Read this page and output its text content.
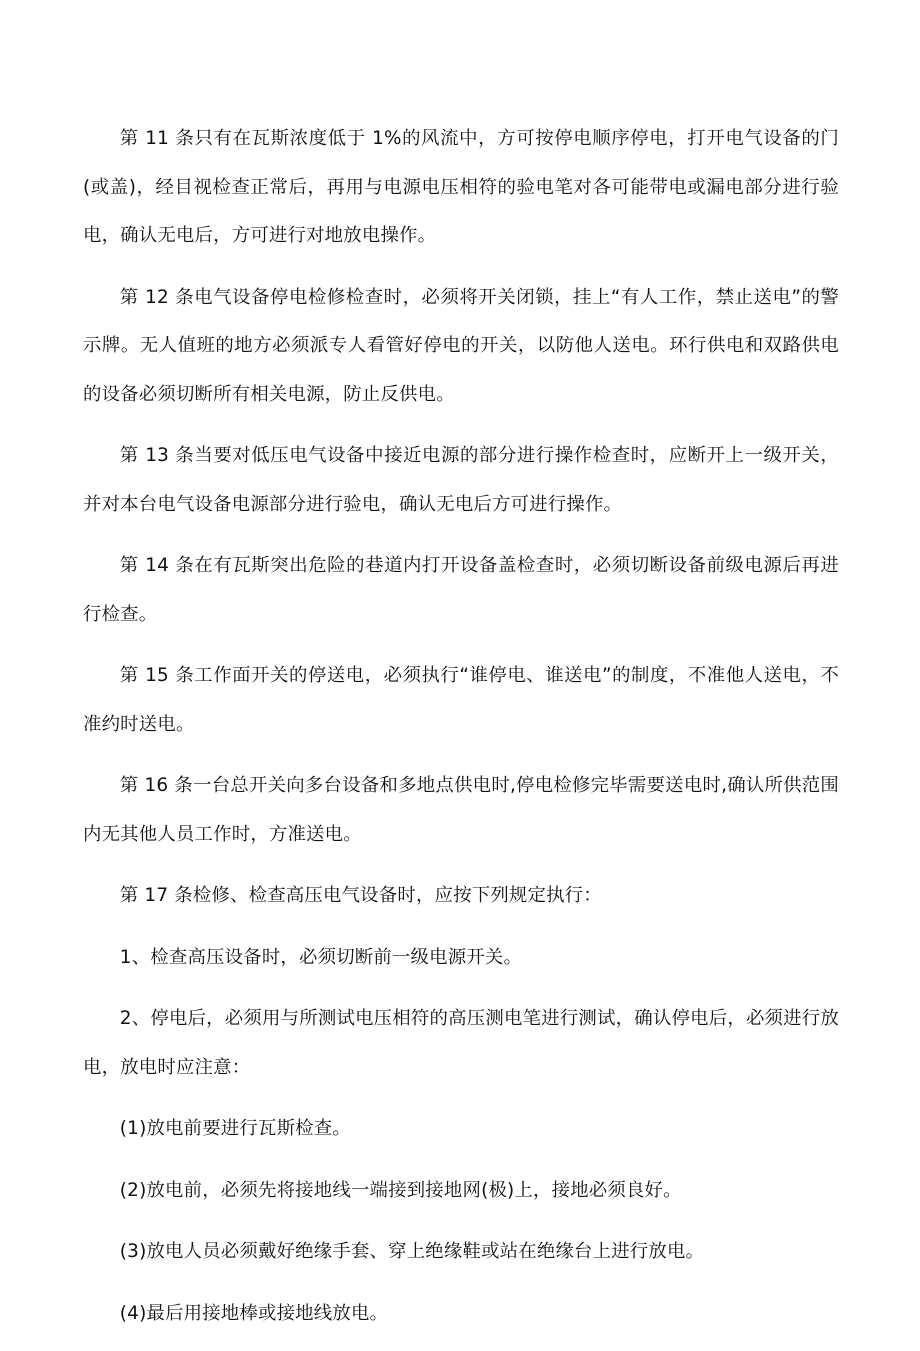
第 11 条只有在瓦斯浓度低于 1%的风流中，方可按停电顺序停电，打开电气设备的门(或盖)，经目视检查正常后，再用与电源电压相符的验电笔对各可能带电或漏电部分进行验电，确认无电后，方可进行对地放电操作。

第 12 条电气设备停电检修检查时，必须将开关闭锁，挂上“有人工作，禁止送电”的警示牌。无人值班的地方必须派专人看管好停电的开关，以防他人送电。环行供电和双路供电的设备必须切断所有相关电源，防止反供电。

第 13 条当要对低压电气设备中接近电源的部分进行操作检查时，应断开上一级开关，并对本台电气设备电源部分进行验电，确认无电后方可进行操作。

第 14 条在有瓦斯突出危险的巷道内打开设备盖检查时，必须切断设备前级电源后再进行检查。

第 15 条工作面开关的停送电，必须执行“谁停电、谁送电”的制度，不准他人送电，不准约时送电。

第 16 条一台总开关向多台设备和多地点供电时,停电检修完毕需要送电时,确认所供范围内无其他人员工作时，方准送电。

第 17 条检修、检查高压电气设备时，应按下列规定执行：

1、检查高压设备时，必须切断前一级电源开关。

2、停电后，必须用与所测试电压相符的高压测电笔进行测试，确认停电后，必须进行放电，放电时应注意：

(1)放电前要进行瓦斯检查。

(2)放电前，必须先将接地线一端接到接地网(极)上，接地必须良好。

(3)放电人员必须戴好绝缘手套、穿上绝缘鞋或站在绝缘台上进行放电。

(4)最后用接地棒或接地线放电。
